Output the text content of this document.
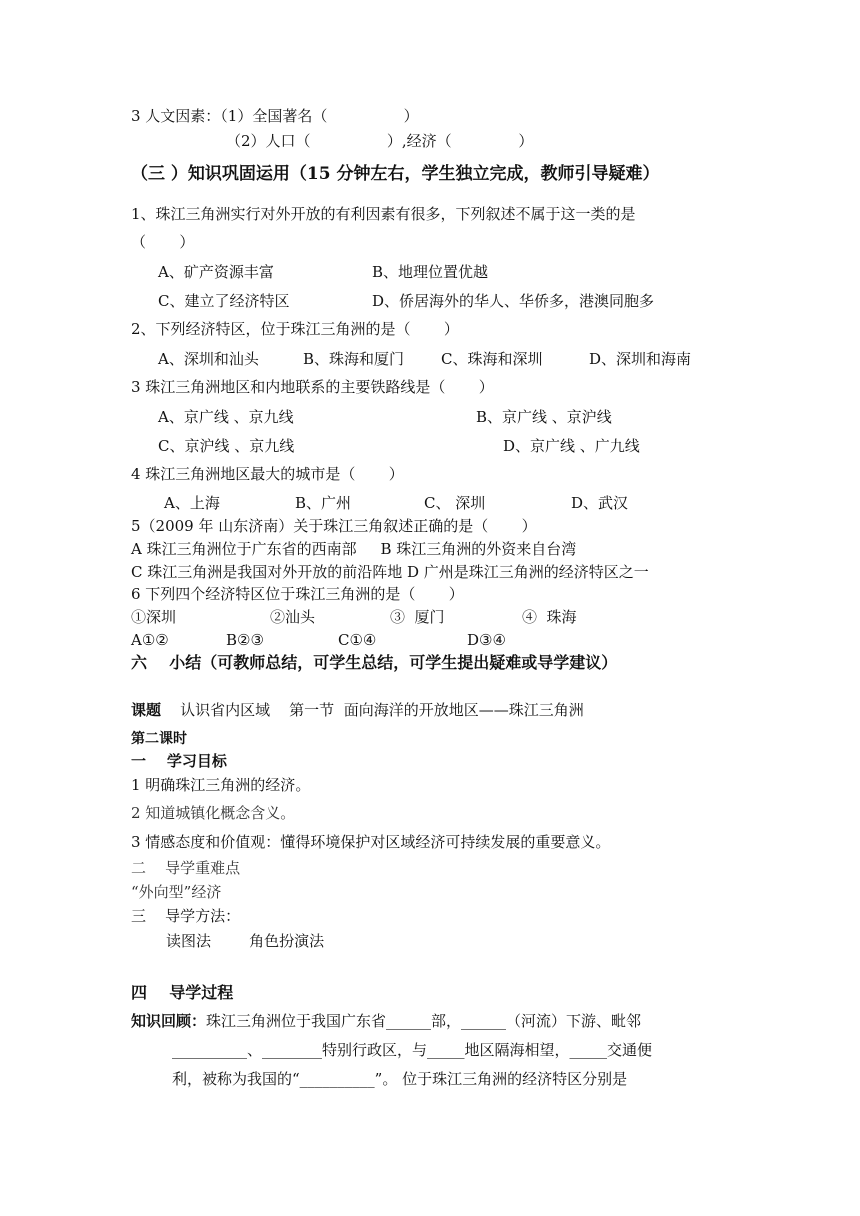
3 人文因素：（1）全国著名（                ）
（2）人口（                ）,经济（              ）
（三 ）知识巩固运用（15 分钟左右，学生独立完成，教师引导疑难）
1、珠江三角洲实行对外开放的有利因素有很多，下列叙述不属于这一类的是
（       ）
A、矿产资源丰富	B、地理位置优越
C、建立了经济特区	D、侨居海外的华人、华侨多，港澳同胞多
2、下列经济特区，位于珠江三角洲的是（       ）
A、深圳和汕头	B、珠海和厦门 C、珠海和深圳	D、深圳和海南
3 珠江三角洲地区和内地联系的主要铁路线是（       ）
A、京广线 、京九线	B、京广线 、京沪线
C、京沪线 、京九线	D、京广线 、广九线
4 珠江三角洲地区最大的城市是（       ）
A、上海	B、广州	C、 深圳	D、武汉
5（2009 年 山东济南）关于珠江三角叙述正确的是（       ）
A 珠江三角洲位于广东省的西南部     B 珠江三角洲的外资来自台湾
C 珠江三角洲是我国对外开放的前沿阵地 D 广州是珠江三角洲的经济特区之一
6 下列四个经济特区位于珠江三角洲的是（       ）
①深圳	②汕头	③  厦门	④  珠海
A①②	B②③	C①④	D③④
六    小结（可教师总结，可学生总结，可学生提出疑难或导学建议）
课题 认识省内区域    第一节  面向海洋的开放地区——珠江三角洲
第二课时
一    学习目标
1 明确珠江三角洲的经济。
2 知道城镇化概念含义。
3 情感态度和价值观：懂得环境保护对区域经济可持续发展的重要意义。
二    导学重难点
“外向型”经济
三    导学方法：
读图法        角色扮演法
四    导学过程
知识回顾：珠江三角洲位于我国广东省______部，______（河流）下游、毗邻
__________、________特别行政区，与_____地区隔海相望，_____交通便
利，被称为我国的“__________”。 位于珠江三角洲的经济特区分别是
